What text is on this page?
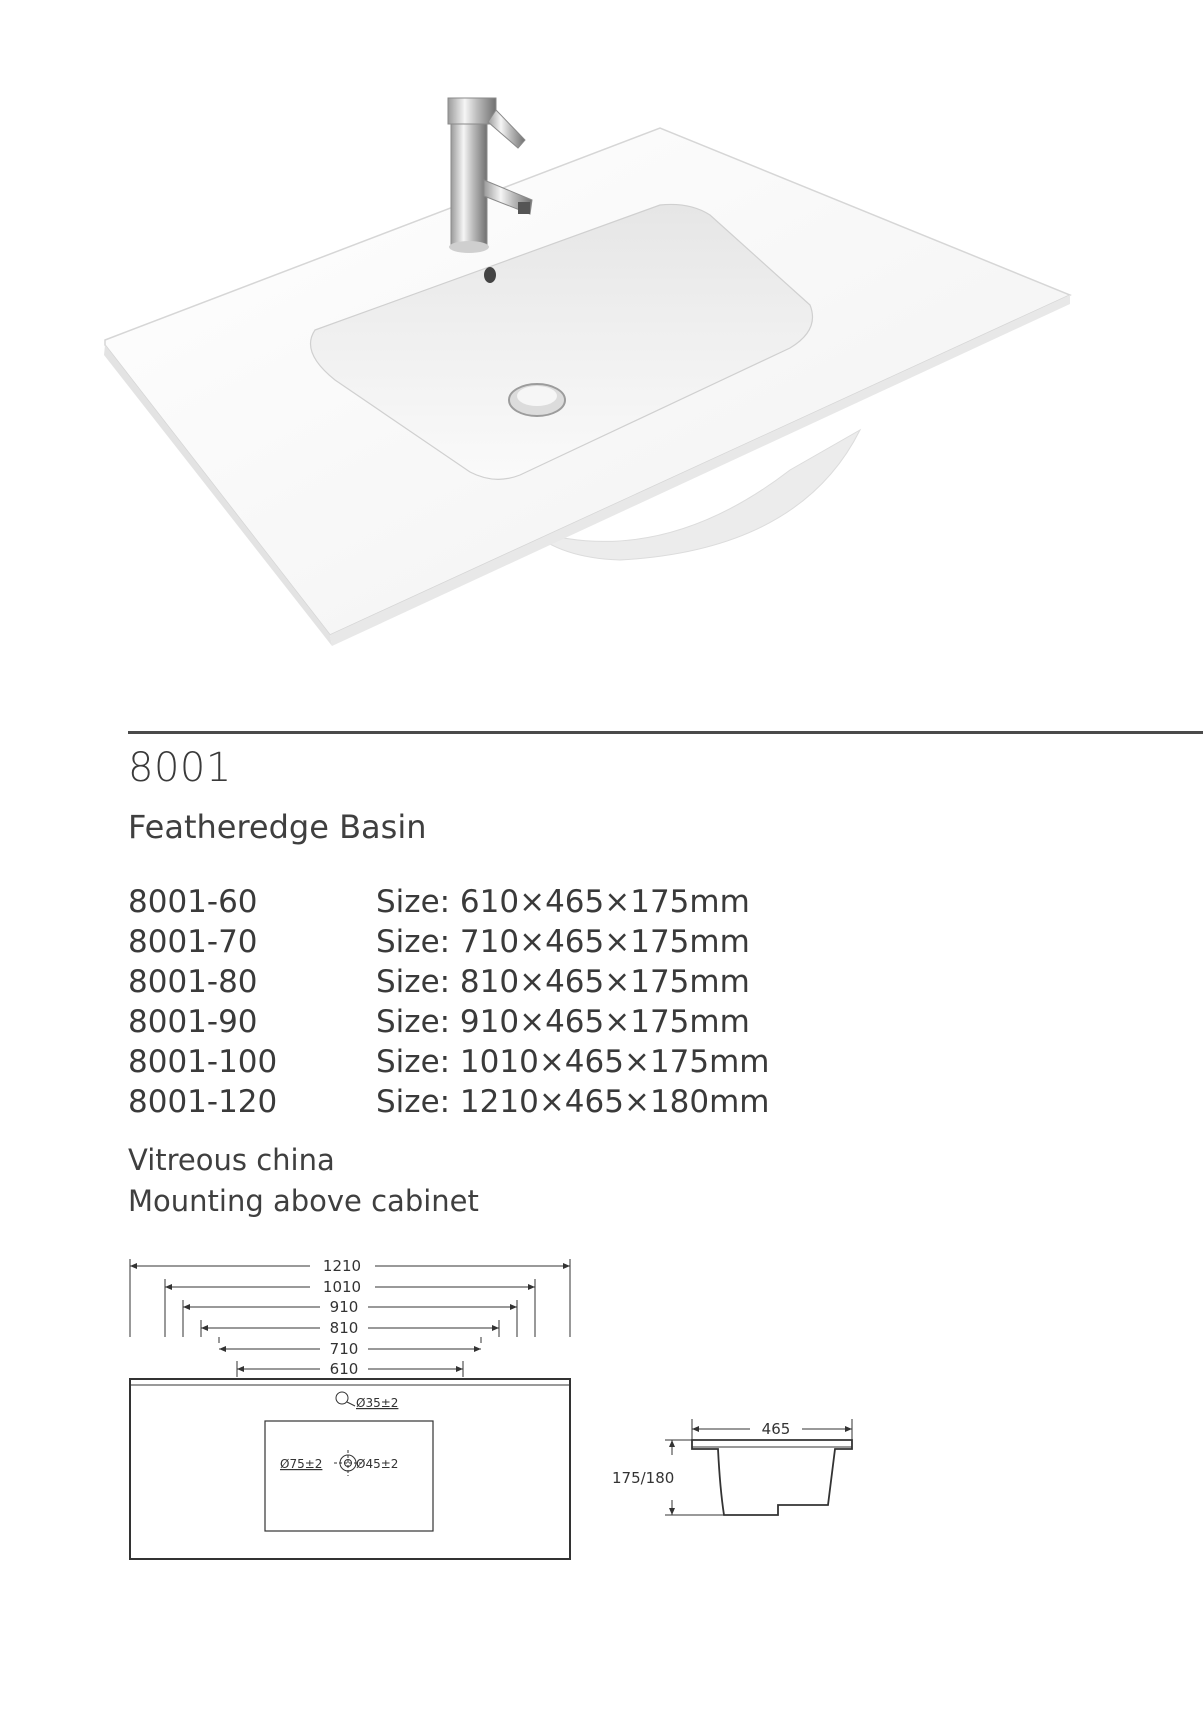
8001
Featheredge Basin
8001-60	Size: 610×465×175mm
8001-70	Size: 710×465×175mm
8001-80	Size: 810×465×175mm
8001-90	Size: 910×465×175mm
8001-100	Size: 1010×465×175mm
8001-120	Size: 1210×465×180mm
Vitreous china
Mounting above cabinet
1210
1010
910
810
710
610
Ø35±2
Ø75±2	Ø45±2
465
175/180
